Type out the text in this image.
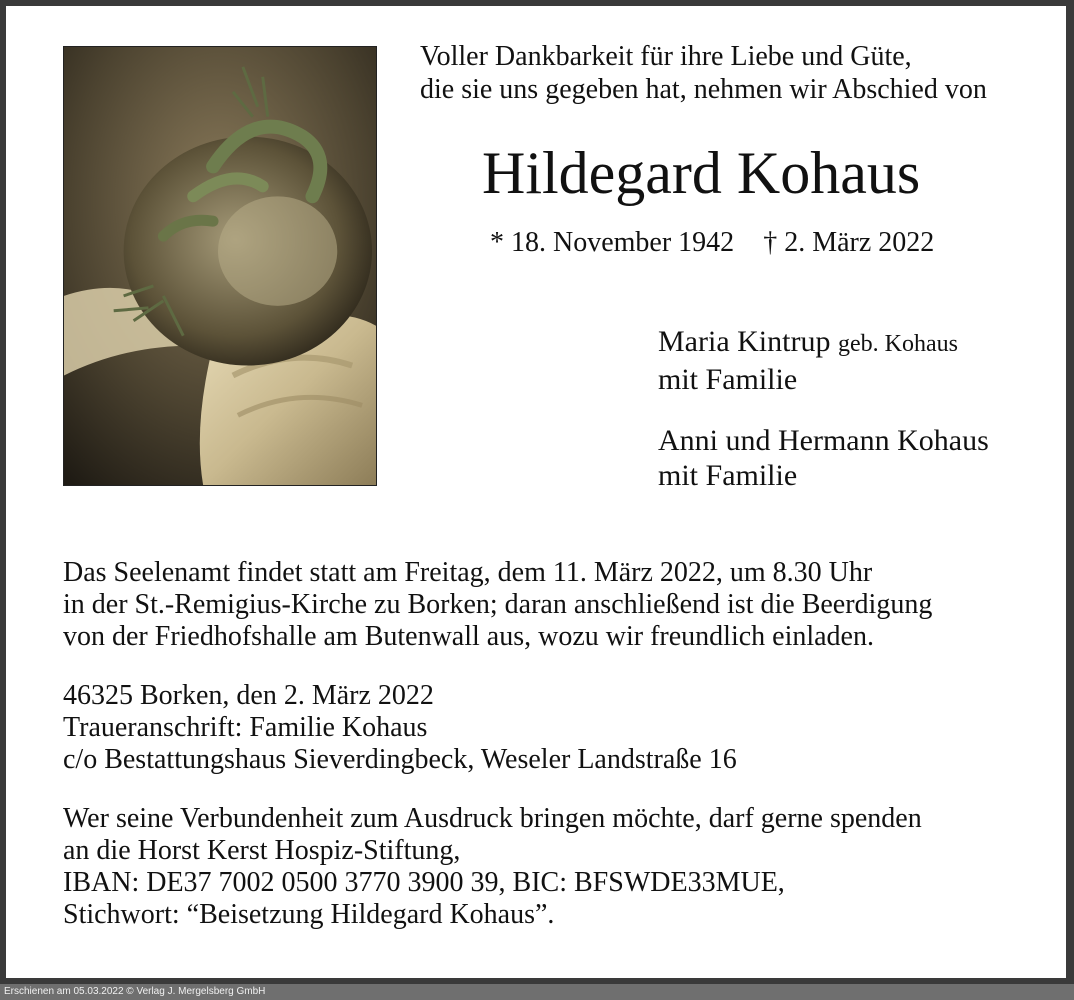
Voller Dankbarkeit für ihre Liebe und Güte,
die sie uns gegeben hat, nehmen wir Abschied von
Hildegard Kohaus
* 18. November 1942 † 2. März 2022
Maria Kintrup geb. Kohaus
mit Familie
Anni und Hermann Kohaus
mit Familie
Das Seelenamt findet statt am Freitag, dem 11. März 2022, um 8.30 Uhr
in der St.-Remigius-Kirche zu Borken; daran anschließend ist die Beerdigung
von der Friedhofshalle am Butenwall aus, wozu wir freundlich einladen.
46325 Borken, den 2. März 2022
Traueranschrift: Familie Kohaus
c/o Bestattungshaus Sieverdingbeck, Weseler Landstraße 16
Wer seine Verbundenheit zum Ausdruck bringen möchte, darf gerne spenden
an die Horst Kerst Hospiz-Stiftung,
IBAN: DE37 7002 0500 3770 3900 39, BIC: BFSWDE33MUE,
Stichwort: “Beisetzung Hildegard Kohaus”.
Erschienen am 05.03.2022 © Verlag J. Mergelsberg GmbH
